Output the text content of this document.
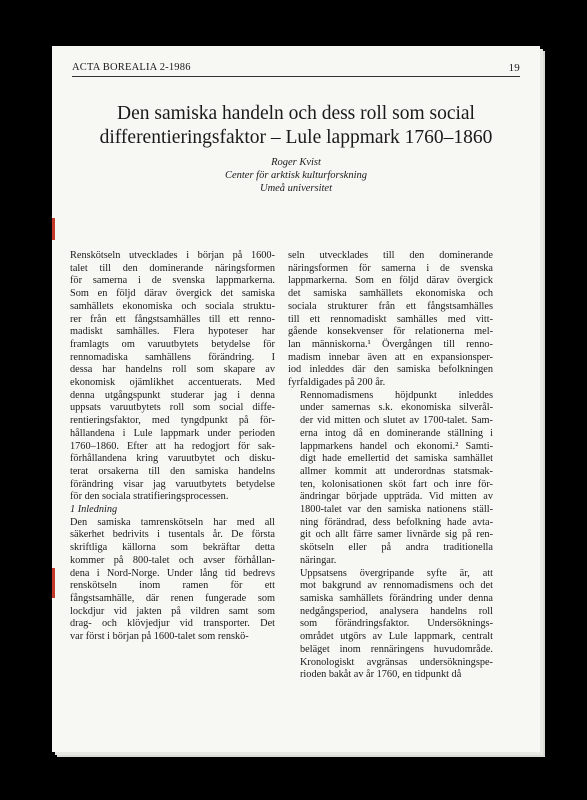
ACTA BOREALIA 2-1986	19
Den samiska handeln och dess roll som social
differentieringsfaktor – Lule lappmark 1760–1860
Roger Kvist
Center för arktisk kulturforskning
Umeå universitet

Renskötseln utvecklades i början på 1600-
talet till den dominerande näringsformen
för samerna i de svenska lappmarkerna.
Som en följd därav övergick det samiska
samhällets ekonomiska och sociala struktu-
rer från ett fångstsamhälles till ett renno-
madiskt samhälles. Flera hypoteser har
framlagts om varuutbytets betydelse för
rennomadiska samhällens förändring. I
dessa har handelns roll som skapare av
ekonomisk ojämlikhet accentuerats. Med
denna utgångspunkt studerar jag i denna
uppsats varuutbytets roll som social diffe-
rentieringsfaktor, med tyngdpunkt på för-
hållandena i Lule lappmark under perioden
1760–1860. Efter att ha redogjort för sak-
förhållandena kring varuutbytet och disku-
terat orsakerna till den samiska handelns
förändring visar jag varuutbytets betydelse
för den sociala stratifieringsprocessen.

1 Inledning

Den samiska tamrenskötseln har med all
säkerhet bedrivits i tusentals år. De första
skriftliga källorna som bekräftar detta
kommer på 800-talet och avser förhållan-
dena i Nord-Norge. Under lång tid bedrevs
renskötseln inom ramen för ett
fångstsamhälle, där renen fungerade som
lockdjur vid jakten på vildren samt som
drag- och klövjedjur vid transporter. Det
var först i början på 1600-talet som renskö-

seln utvecklades till den dominerande
näringsformen för samerna i de svenska
lappmarkerna. Som en följd därav övergick
det samiska samhällets ekonomiska och
sociala strukturer från ett fångstsamhälles
till ett rennomadiskt samhälles med vitt-
gående konsekvenser för relationerna mel-
lan människorna.¹ Övergången till renno-
madism innebar även att en expansionsper-
iod inleddes där den samiska befolkningen
fyrfaldigades på 200 år.

Rennomadismens höjdpunkt inleddes
under samernas s.k. ekonomiska silverål-
der vid mitten och slutet av 1700-talet. Sam-
erna intog då en dominerande ställning i
lappmarkens handel och ekonomi.² Samti-
digt hade emellertid det samiska samhället
allmer kommit att underordnas statsmak-
ten, kolonisationen sköt fart och inre för-
ändringar började uppträda. Vid mitten av
1800-talet var den samiska nationens ställ-
ning förändrad, dess befolkning hade avta-
git och allt färre samer livnärde sig på ren-
skötseln eller på andra traditionella
näringar.

Uppsatsens övergripande syfte är, att
mot bakgrund av rennomadismens och det
samiska samhällets förändring under denna
nedgångsperiod, analysera handelns roll
som förändringsfaktor. Undersöknings-
området utgörs av Lule lappmark, centralt
beläget inom rennäringens huvudområde.
Kronologiskt avgränsas undersökningspe-
rioden bakåt av år 1760, en tidpunkt då
